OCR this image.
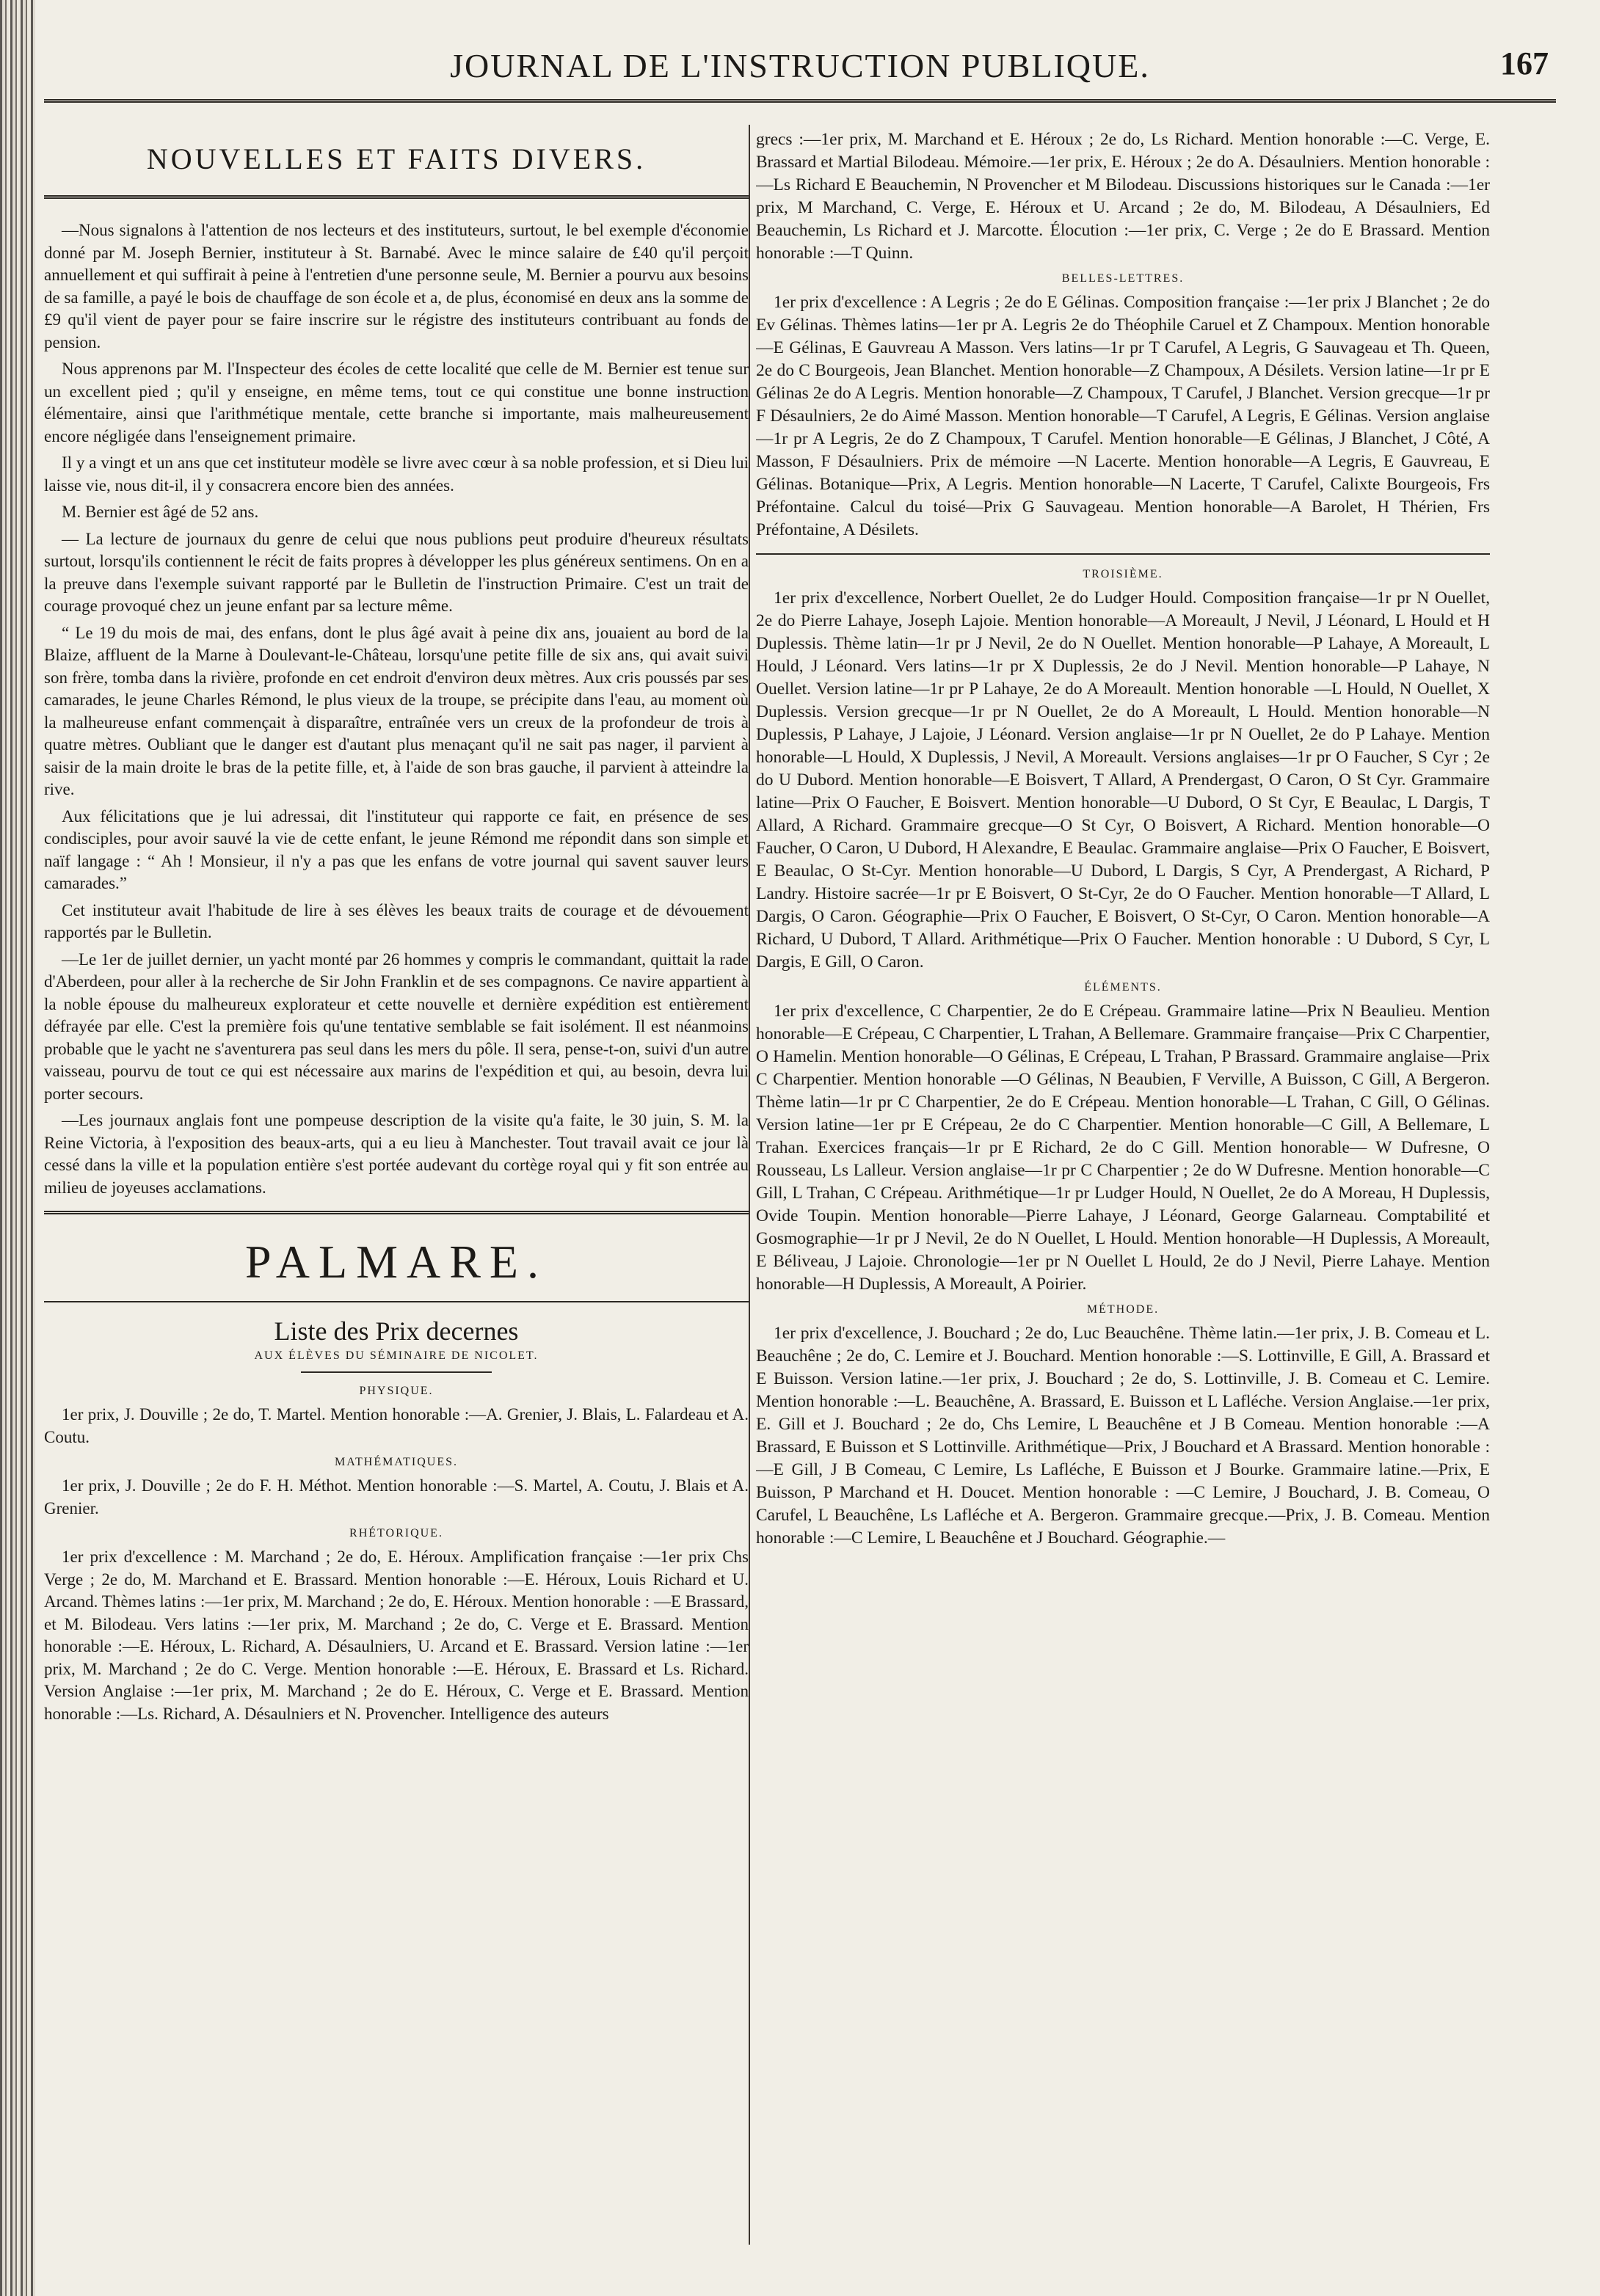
JOURNAL DE L'INSTRUCTION PUBLIQUE.	167
NOUVELLES ET FAITS DIVERS.

—Nous signalons à l'attention de nos lecteurs et des instituteurs, surtout, le bel exemple d'économie donné par M. Joseph Bernier, instituteur à St. Barnabé. Avec le mince salaire de £40 qu'il perçoit annuellement et qui suffirait à peine à l'entretien d'une personne seule, M. Bernier a pourvu aux besoins de sa famille, a payé le bois de chauffage de son école et a, de plus, économisé en deux ans la somme de £9 qu'il vient de payer pour se faire inscrire sur le régistre des instituteurs contribuant au fonds de pension.

Nous apprenons par M. l'Inspecteur des écoles de cette localité que celle de M. Bernier est tenue sur un excellent pied ; qu'il y enseigne, en même tems, tout ce qui constitue une bonne instruction élémentaire, ainsi que l'arithmétique mentale, cette branche si importante, mais malheureusement encore négligée dans l'enseignement primaire.

Il y a vingt et un ans que cet instituteur modèle se livre avec cœur à sa noble profession, et si Dieu lui laisse vie, nous dit-il, il y consacrera encore bien des années.

M. Bernier est âgé de 52 ans.

— La lecture de journaux du genre de celui que nous publions peut produire d'heureux résultats surtout, lorsqu'ils contiennent le récit de faits propres à développer les plus généreux sentimens. On en a la preuve dans l'exemple suivant rapporté par le Bulletin de l'instruction Primaire. C'est un trait de courage provoqué chez un jeune enfant par sa lecture même.

“ Le 19 du mois de mai, des enfans, dont le plus âgé avait à peine dix ans, jouaient au bord de la Blaize, affluent de la Marne à Doulevant-le-Château, lorsqu'une petite fille de six ans, qui avait suivi son frère, tomba dans la rivière, profonde en cet endroit d'environ deux mètres. Aux cris poussés par ses camarades, le jeune Charles Rémond, le plus vieux de la troupe, se précipite dans l'eau, au moment où la malheureuse enfant commençait à disparaître, entraînée vers un creux de la profondeur de trois à quatre mètres. Oubliant que le danger est d'autant plus menaçant qu'il ne sait pas nager, il parvient à saisir de la main droite le bras de la petite fille, et, à l'aide de son bras gauche, il parvient à atteindre la rive.

Aux félicitations que je lui adressai, dit l'instituteur qui rapporte ce fait, en présence de ses condisciples, pour avoir sauvé la vie de cette enfant, le jeune Rémond me répondit dans son simple et naïf langage : “ Ah ! Monsieur, il n'y a pas que les enfans de votre journal qui savent sauver leurs camarades.”

Cet instituteur avait l'habitude de lire à ses élèves les beaux traits de courage et de dévouement rapportés par le Bulletin.

—Le 1er de juillet dernier, un yacht monté par 26 hommes y compris le commandant, quittait la rade d'Aberdeen, pour aller à la recherche de Sir John Franklin et de ses compagnons. Ce navire appartient à la noble épouse du malheureux explorateur et cette nouvelle et dernière expédition est entièrement défrayée par elle. C'est la première fois qu'une tentative semblable se fait isolément. Il est néanmoins probable que le yacht ne s'aventurera pas seul dans les mers du pôle. Il sera, pense-t-on, suivi d'un autre vaisseau, pourvu de tout ce qui est nécessaire aux marins de l'expédition et qui, au besoin, devra lui porter secours.

—Les journaux anglais font une pompeuse description de la visite qu'a faite, le 30 juin, S. M. la Reine Victoria, à l'exposition des beaux-arts, qui a eu lieu à Manchester. Tout travail avait ce jour là cessé dans la ville et la population entière s'est portée audevant du cortège royal qui y fit son entrée au milieu de joyeuses acclamations.

PALMARE.
Liste des Prix decernes
AUX ÉLÈVES DU SÉMINAIRE DE NICOLET.
PHYSIQUE.

1er prix, J. Douville ; 2e do, T. Martel. Mention honorable :—A. Grenier, J. Blais, L. Falardeau et A. Coutu.

MATHÉMATIQUES.

1er prix, J. Douville ; 2e do F. H. Méthot. Mention honorable :—S. Martel, A. Coutu, J. Blais et A. Grenier.

RHÉTORIQUE.

1er prix d'excellence : M. Marchand ; 2e do, E. Héroux. Amplification française :—1er prix Chs Verge ; 2e do, M. Marchand et E. Brassard. Mention honorable :—E. Héroux, Louis Richard et U. Arcand. Thèmes latins :—1er prix, M. Marchand ; 2e do, E. Héroux. Mention honorable : —E Brassard, et M. Bilodeau. Vers latins :—1er prix, M. Marchand ; 2e do, C. Verge et E. Brassard. Mention honorable :—E. Héroux, L. Richard, A. Désaulniers, U. Arcand et E. Brassard. Version latine :—1er prix, M. Marchand ; 2e do C. Verge. Mention honorable :—E. Héroux, E. Brassard et Ls. Richard. Version Anglaise :—1er prix, M. Marchand ; 2e do E. Héroux, C. Verge et E. Brassard. Mention honorable :—Ls. Richard, A. Désaulniers et N. Provencher. Intelligence des auteurs

grecs :—1er prix, M. Marchand et E. Héroux ; 2e do, Ls Richard. Mention honorable :—C. Verge, E. Brassard et Martial Bilodeau. Mémoire.—1er prix, E. Héroux ; 2e do A. Désaulniers. Mention honorable :—Ls Richard E Beauchemin, N Provencher et M Bilodeau. Discussions historiques sur le Canada :—1er prix, M Marchand, C. Verge, E. Héroux et U. Arcand ; 2e do, M. Bilodeau, A Désaulniers, Ed Beauchemin, Ls Richard et J. Marcotte. Élocution :—1er prix, C. Verge ; 2e do E Brassard. Mention honorable :—T Quinn.

BELLES-LETTRES.

1er prix d'excellence : A Legris ; 2e do E Gélinas. Composition française :—1er prix J Blanchet ; 2e do Ev Gélinas. Thèmes latins—1er pr A. Legris 2e do Théophile Caruel et Z Champoux. Mention honorable—E Gélinas, E Gauvreau A Masson. Vers latins—1r pr T Carufel, A Legris, G Sauvageau et Th. Queen, 2e do C Bourgeois, Jean Blanchet. Mention honorable—Z Champoux, A Désilets. Version latine—1r pr E Gélinas 2e do A Legris. Mention honorable—Z Champoux, T Carufel, J Blanchet. Version grecque—1r pr F Désaulniers, 2e do Aimé Masson. Mention honorable—T Carufel, A Legris, E Gélinas. Version anglaise —1r pr A Legris, 2e do Z Champoux, T Carufel. Mention honorable—E Gélinas, J Blanchet, J Côté, A Masson, F Désaulniers. Prix de mémoire —N Lacerte. Mention honorable—A Legris, E Gauvreau, E Gélinas. Botanique—Prix, A Legris. Mention honorable—N Lacerte, T Carufel, Calixte Bourgeois, Frs Préfontaine. Calcul du toisé—Prix G Sauvageau. Mention honorable—A Barolet, H Thérien, Frs Préfontaine, A Désilets.

TROISIÈME.

1er prix d'excellence, Norbert Ouellet, 2e do Ludger Hould. Composition française—1r pr N Ouellet, 2e do Pierre Lahaye, Joseph Lajoie. Mention honorable—A Moreault, J Nevil, J Léonard, L Hould et H Duplessis. Thème latin—1r pr J Nevil, 2e do N Ouellet. Mention honorable—P Lahaye, A Moreault, L Hould, J Léonard. Vers latins—1r pr X Duplessis, 2e do J Nevil. Mention honorable—P Lahaye, N Ouellet. Version latine—1r pr P Lahaye, 2e do A Moreault. Mention honorable —L Hould, N Ouellet, X Duplessis. Version grecque—1r pr N Ouellet, 2e do A Moreault, L Hould. Mention honorable—N Duplessis, P Lahaye, J Lajoie, J Léonard. Version anglaise—1r pr N Ouellet, 2e do P Lahaye. Mention honorable—L Hould, X Duplessis, J Nevil, A Moreault. Versions anglaises—1r pr O Faucher, S Cyr ; 2e do U Dubord. Mention honorable—E Boisvert, T Allard, A Prendergast, O Caron, O St Cyr. Grammaire latine—Prix O Faucher, E Boisvert. Mention honorable—U Dubord, O St Cyr, E Beaulac, L Dargis, T Allard, A Richard. Grammaire grecque—O St Cyr, O Boisvert, A Richard. Mention honorable—O Faucher, O Caron, U Dubord, H Alexandre, E Beaulac. Grammaire anglaise—Prix O Faucher, E Boisvert, E Beaulac, O St-Cyr. Mention honorable—U Dubord, L Dargis, S Cyr, A Prendergast, A Richard, P Landry. Histoire sacrée—1r pr E Boisvert, O St-Cyr, 2e do O Faucher. Mention honorable—T Allard, L Dargis, O Caron. Géographie—Prix O Faucher, E Boisvert, O St-Cyr, O Caron. Mention honorable—A Richard, U Dubord, T Allard. Arithmétique—Prix O Faucher. Mention honorable : U Dubord, S Cyr, L Dargis, E Gill, O Caron.

ÉLÉMENTS.

1er prix d'excellence, C Charpentier, 2e do E Crépeau. Grammaire latine—Prix N Beaulieu. Mention honorable—E Crépeau, C Charpentier, L Trahan, A Bellemare. Grammaire française—Prix C Charpentier, O Hamelin. Mention honorable—O Gélinas, E Crépeau, L Trahan, P Brassard. Grammaire anglaise—Prix C Charpentier. Mention honorable —O Gélinas, N Beaubien, F Verville, A Buisson, C Gill, A Bergeron. Thème latin—1r pr C Charpentier, 2e do E Crépeau. Mention honorable—L Trahan, C Gill, O Gélinas. Version latine—1er pr E Crépeau, 2e do C Charpentier. Mention honorable—C Gill, A Bellemare, L Trahan. Exercices français—1r pr E Richard, 2e do C Gill. Mention honorable— W Dufresne, O Rousseau, Ls Lalleur. Version anglaise—1r pr C Charpentier ; 2e do W Dufresne. Mention honorable—C Gill, L Trahan, C Crépeau. Arithmétique—1r pr Ludger Hould, N Ouellet, 2e do A Moreau, H Duplessis, Ovide Toupin. Mention honorable—Pierre Lahaye, J Léonard, George Galarneau. Comptabilité et Gosmographie—1r pr J Nevil, 2e do N Ouellet, L Hould. Mention honorable—H Duplessis, A Moreault, E Béliveau, J Lajoie. Chronologie—1er pr N Ouellet L Hould, 2e do J Nevil, Pierre Lahaye. Mention honorable—H Duplessis, A Moreault, A Poirier.

MÉTHODE.

1er prix d'excellence, J. Bouchard ; 2e do, Luc Beauchêne. Thème latin.—1er prix, J. B. Comeau et L. Beauchêne ; 2e do, C. Lemire et J. Bouchard. Mention honorable :—S. Lottinville, E Gill, A. Brassard et E Buisson. Version latine.—1er prix, J. Bouchard ; 2e do, S. Lottinville, J. B. Comeau et C. Lemire. Mention honorable :—L. Beauchêne, A. Brassard, E. Buisson et L Lafléche. Version Anglaise.—1er prix, E. Gill et J. Bouchard ; 2e do, Chs Lemire, L Beauchêne et J B Comeau. Mention honorable :—A Brassard, E Buisson et S Lottinville. Arithmétique—Prix, J Bouchard et A Brassard. Mention honorable :—E Gill, J B Comeau, C Lemire, Ls Lafléche, E Buisson et J Bourke. Grammaire latine.—Prix, E Buisson, P Marchand et H. Doucet. Mention honorable : —C Lemire, J Bouchard, J. B. Comeau, O Carufel, L Beauchêne, Ls Lafléche et A. Bergeron. Grammaire grecque.—Prix, J. B. Comeau. Mention honorable :—C Lemire, L Beauchêne et J Bouchard. Géographie.—
